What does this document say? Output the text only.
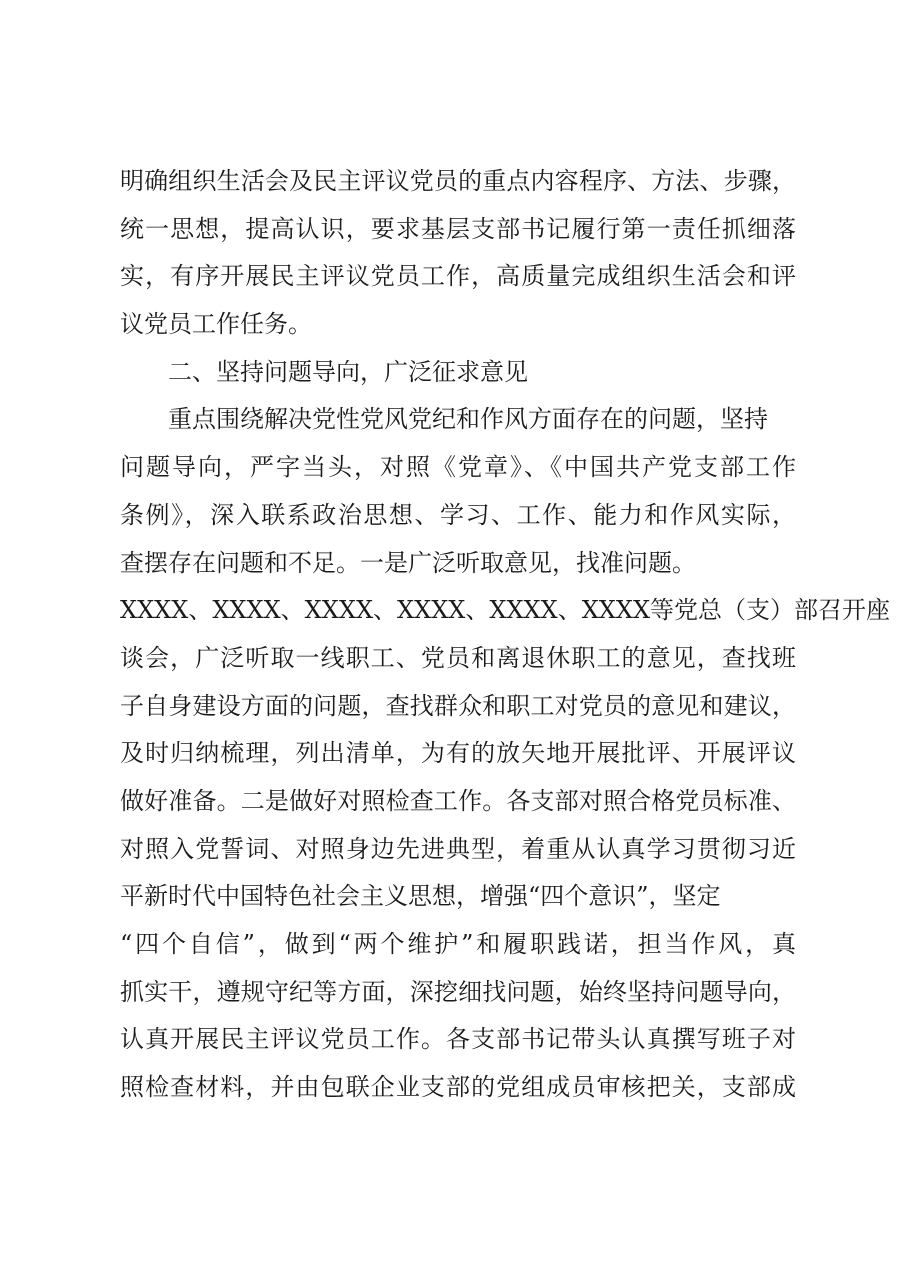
明确组织生活会及民主评议党员的重点内容程序、方法、步骤，
统一思想，提高认识，要求基层支部书记履行第一责任抓细落
实，有序开展民主评议党员工作，高质量完成组织生活会和评
议党员工作任务。
二、坚持问题导向，广泛征求意见
重点围绕解决党性党风党纪和作风方面存在的问题，坚持
问题导向，严字当头，对照《党章》、《中国共产党支部工作
条例》，深入联系政治思想、学习、工作、能力和作风实际，
查摆存在问题和不足。一是广泛听取意见，找准问题。
XXXX、XXXX、XXXX、XXXX、XXXX、XXXX等党总（支）部召开座
谈会，广泛听取一线职工、党员和离退休职工的意见，查找班
子自身建设方面的问题，查找群众和职工对党员的意见和建议，
及时归纳梳理，列出清单，为有的放矢地开展批评、开展评议
做好准备。二是做好对照检查工作。各支部对照合格党员标准、
对照入党誓词、对照身边先进典型，着重从认真学习贯彻习近
平新时代中国特色社会主义思想，增强“四个意识”，坚定
“四个自信”，做到“两个维护”和履职践诺，担当作风，真
抓实干，遵规守纪等方面，深挖细找问题，始终坚持问题导向，
认真开展民主评议党员工作。各支部书记带头认真撰写班子对
照检查材料，并由包联企业支部的党组成员审核把关，支部成
